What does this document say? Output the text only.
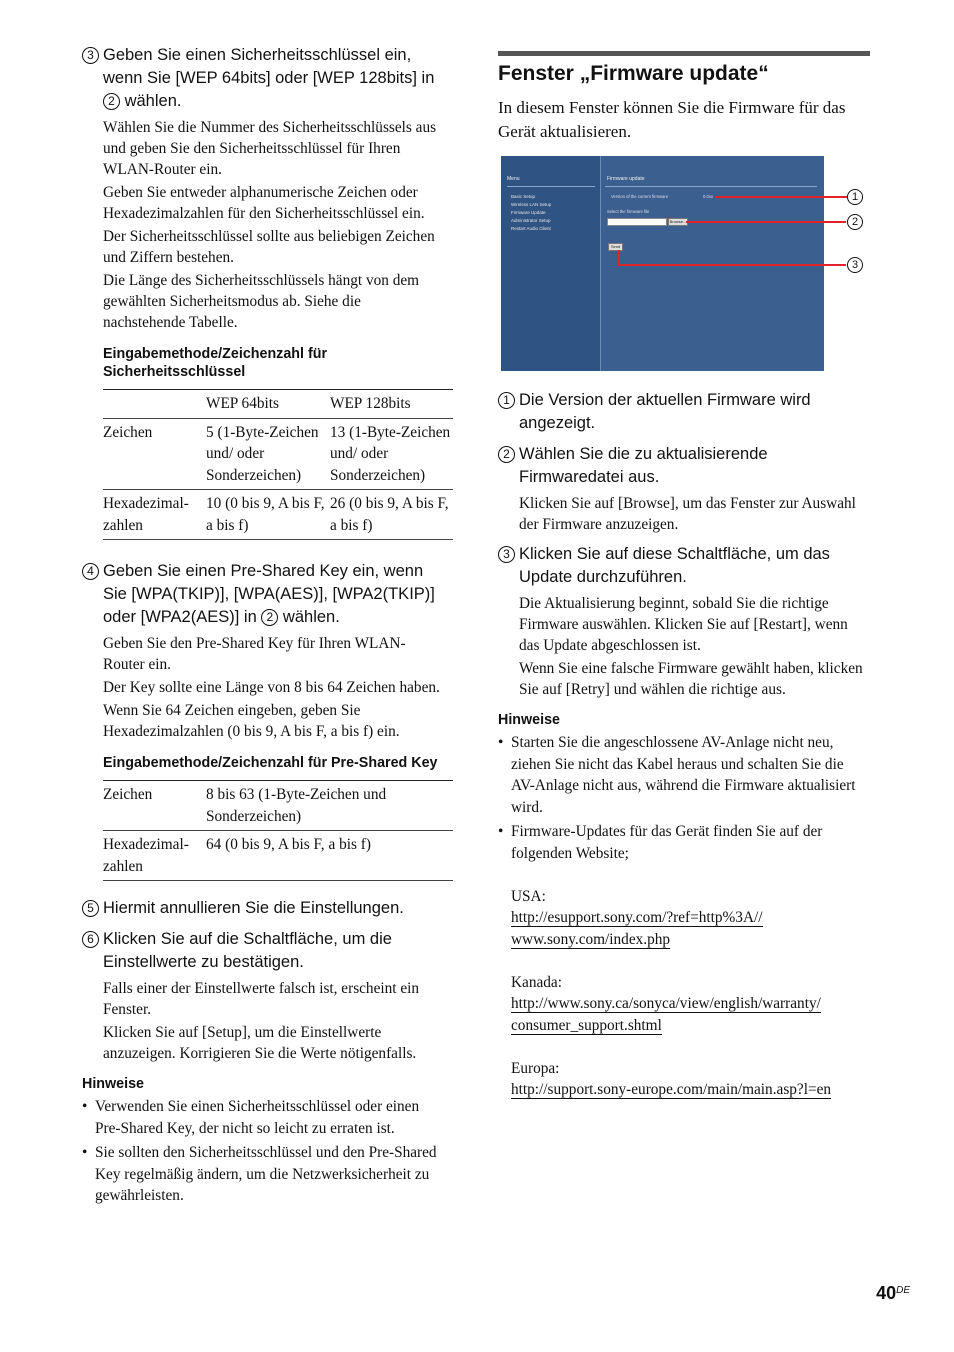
3 Geben Sie einen Sicherheitsschlüssel ein, wenn Sie [WEP 64bits] oder [WEP 128bits] in 2 wählen.

Wählen Sie die Nummer des Sicherheitsschlüssels aus und geben Sie den Sicherheitsschlüssel für Ihren WLAN-Router ein.

Geben Sie entweder alphanumerische Zeichen oder Hexadezimalzahlen für den Sicherheitsschlüssel ein.

Der Sicherheitsschlüssel sollte aus beliebigen Zeichen und Ziffern bestehen.

Die Länge des Sicherheitsschlüssels hängt von dem gewählten Sicherheitsmodus ab. Siehe die nachstehende Tabelle.

Eingabemethode/Zeichenzahl für Sicherheitsschlüssel
	WEP 64bits	WEP 128bits
Zeichen	5 (1-Byte-Zeichen und/ oder Sonderzeichen)	13 (1-Byte-Zeichen und/ oder Sonderzeichen)
Hexadezimal-zahlen	10 (0 bis 9, A bis F, a bis f)	26 (0 bis 9, A bis F, a bis f)
4 Geben Sie einen Pre-Shared Key ein, wenn Sie [WPA(TKIP)], [WPA(AES)], [WPA2(TKIP)] oder [WPA2(AES)] in 2 wählen.

Geben Sie den Pre-Shared Key für Ihren WLAN-Router ein.

Der Key sollte eine Länge von 8 bis 64 Zeichen haben.

Wenn Sie 64 Zeichen eingeben, geben Sie Hexadezimalzahlen (0 bis 9, A bis F, a bis f) ein.

Eingabemethode/Zeichenzahl für Pre-Shared Key
Zeichen	8 bis 63 (1-Byte-Zeichen und Sonderzeichen)
Hexadezimal-zahlen	64 (0 bis 9, A bis F, a bis f)
5 Hiermit annullieren Sie die Einstellungen.
6 Klicken Sie auf die Schaltfläche, um die Einstellwerte zu bestätigen.

Falls einer der Einstellwerte falsch ist, erscheint ein Fenster.

Klicken Sie auf [Setup], um die Einstellwerte anzuzeigen. Korrigieren Sie die Werte nötigenfalls.

Hinweise
• Verwenden Sie einen Sicherheitsschlüssel oder einen Pre-Shared Key, der nicht so leicht zu erraten ist.
• Sie sollten den Sicherheitsschlüssel und den Pre-Shared Key regelmäßig ändern, um die Netzwerksicherheit zu gewährleisten.
Fenster „Firmware update“

In diesem Fenster können Sie die Firmware für das Gerät aktualisieren.

Menu
Basic Setup
Wireless LAN Setup
Firmware Update
Administrator Setup
Restart Audio Client
Firmware update
Version of the current firmware	0.0xx
Select the firmware file
Browse...
Send
1
2
3
1 Die Version der aktuellen Firmware wird angezeigt.
2 Wählen Sie die zu aktualisierende Firmwaredatei aus.

Klicken Sie auf [Browse], um das Fenster zur Auswahl der Firmware anzuzeigen.

3 Klicken Sie auf diese Schaltfläche, um das Update durchzuführen.

Die Aktualisierung beginnt, sobald Sie die richtige Firmware auswählen. Klicken Sie auf [Restart], wenn das Update abgeschlossen ist.

Wenn Sie eine falsche Firmware gewählt haben, klicken Sie auf [Retry] und wählen die richtige aus.

Hinweise
• Starten Sie die angeschlossene AV-Anlage nicht neu, ziehen Sie nicht das Kabel heraus und schalten Sie die AV-Anlage nicht aus, während die Firmware aktualisiert wird.
• Firmware-Updates für das Gerät finden Sie auf der folgenden Website;

USA:
http://esupport.sony.com/?ref=http%3A//
www.sony.com/index.php

Kanada:
http://www.sony.ca/sonyca/view/english/warranty/
consumer_support.shtml

Europa:
http://support.sony-europe.com/main/main.asp?l=en
40DE
